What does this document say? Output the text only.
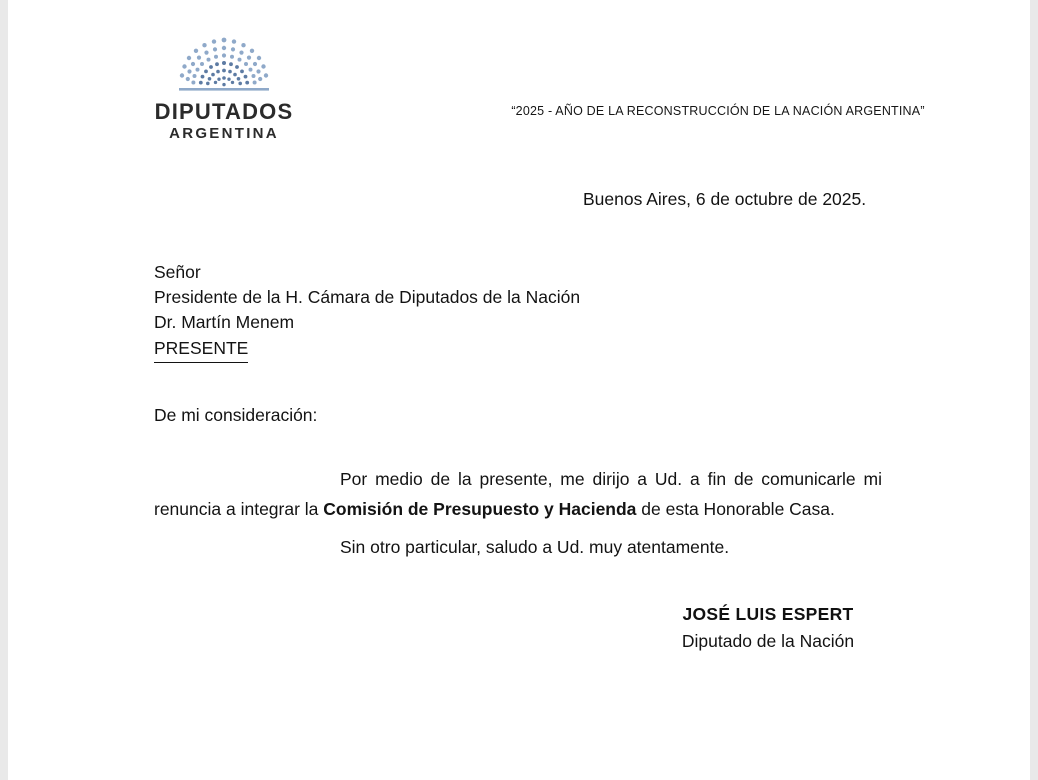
DIPUTADOS
ARGENTINA
“2025 - AÑO DE LA RECONSTRUCCIÓN DE LA NACIÓN ARGENTINA”
Buenos Aires, 6 de octubre de 2025.
Señor
Presidente de la H. Cámara de Diputados de la Nación
Dr. Martín Menem
PRESENTE
De mi consideración:

Por medio de la presente, me dirijo a Ud. a fin de comunicarle mi renuncia a integrar la Comisión de Presupuesto y Hacienda de esta Honorable Casa.

Sin otro particular, saludo a Ud. muy atentamente.

JOSÉ LUIS ESPERT
Diputado de la Nación
